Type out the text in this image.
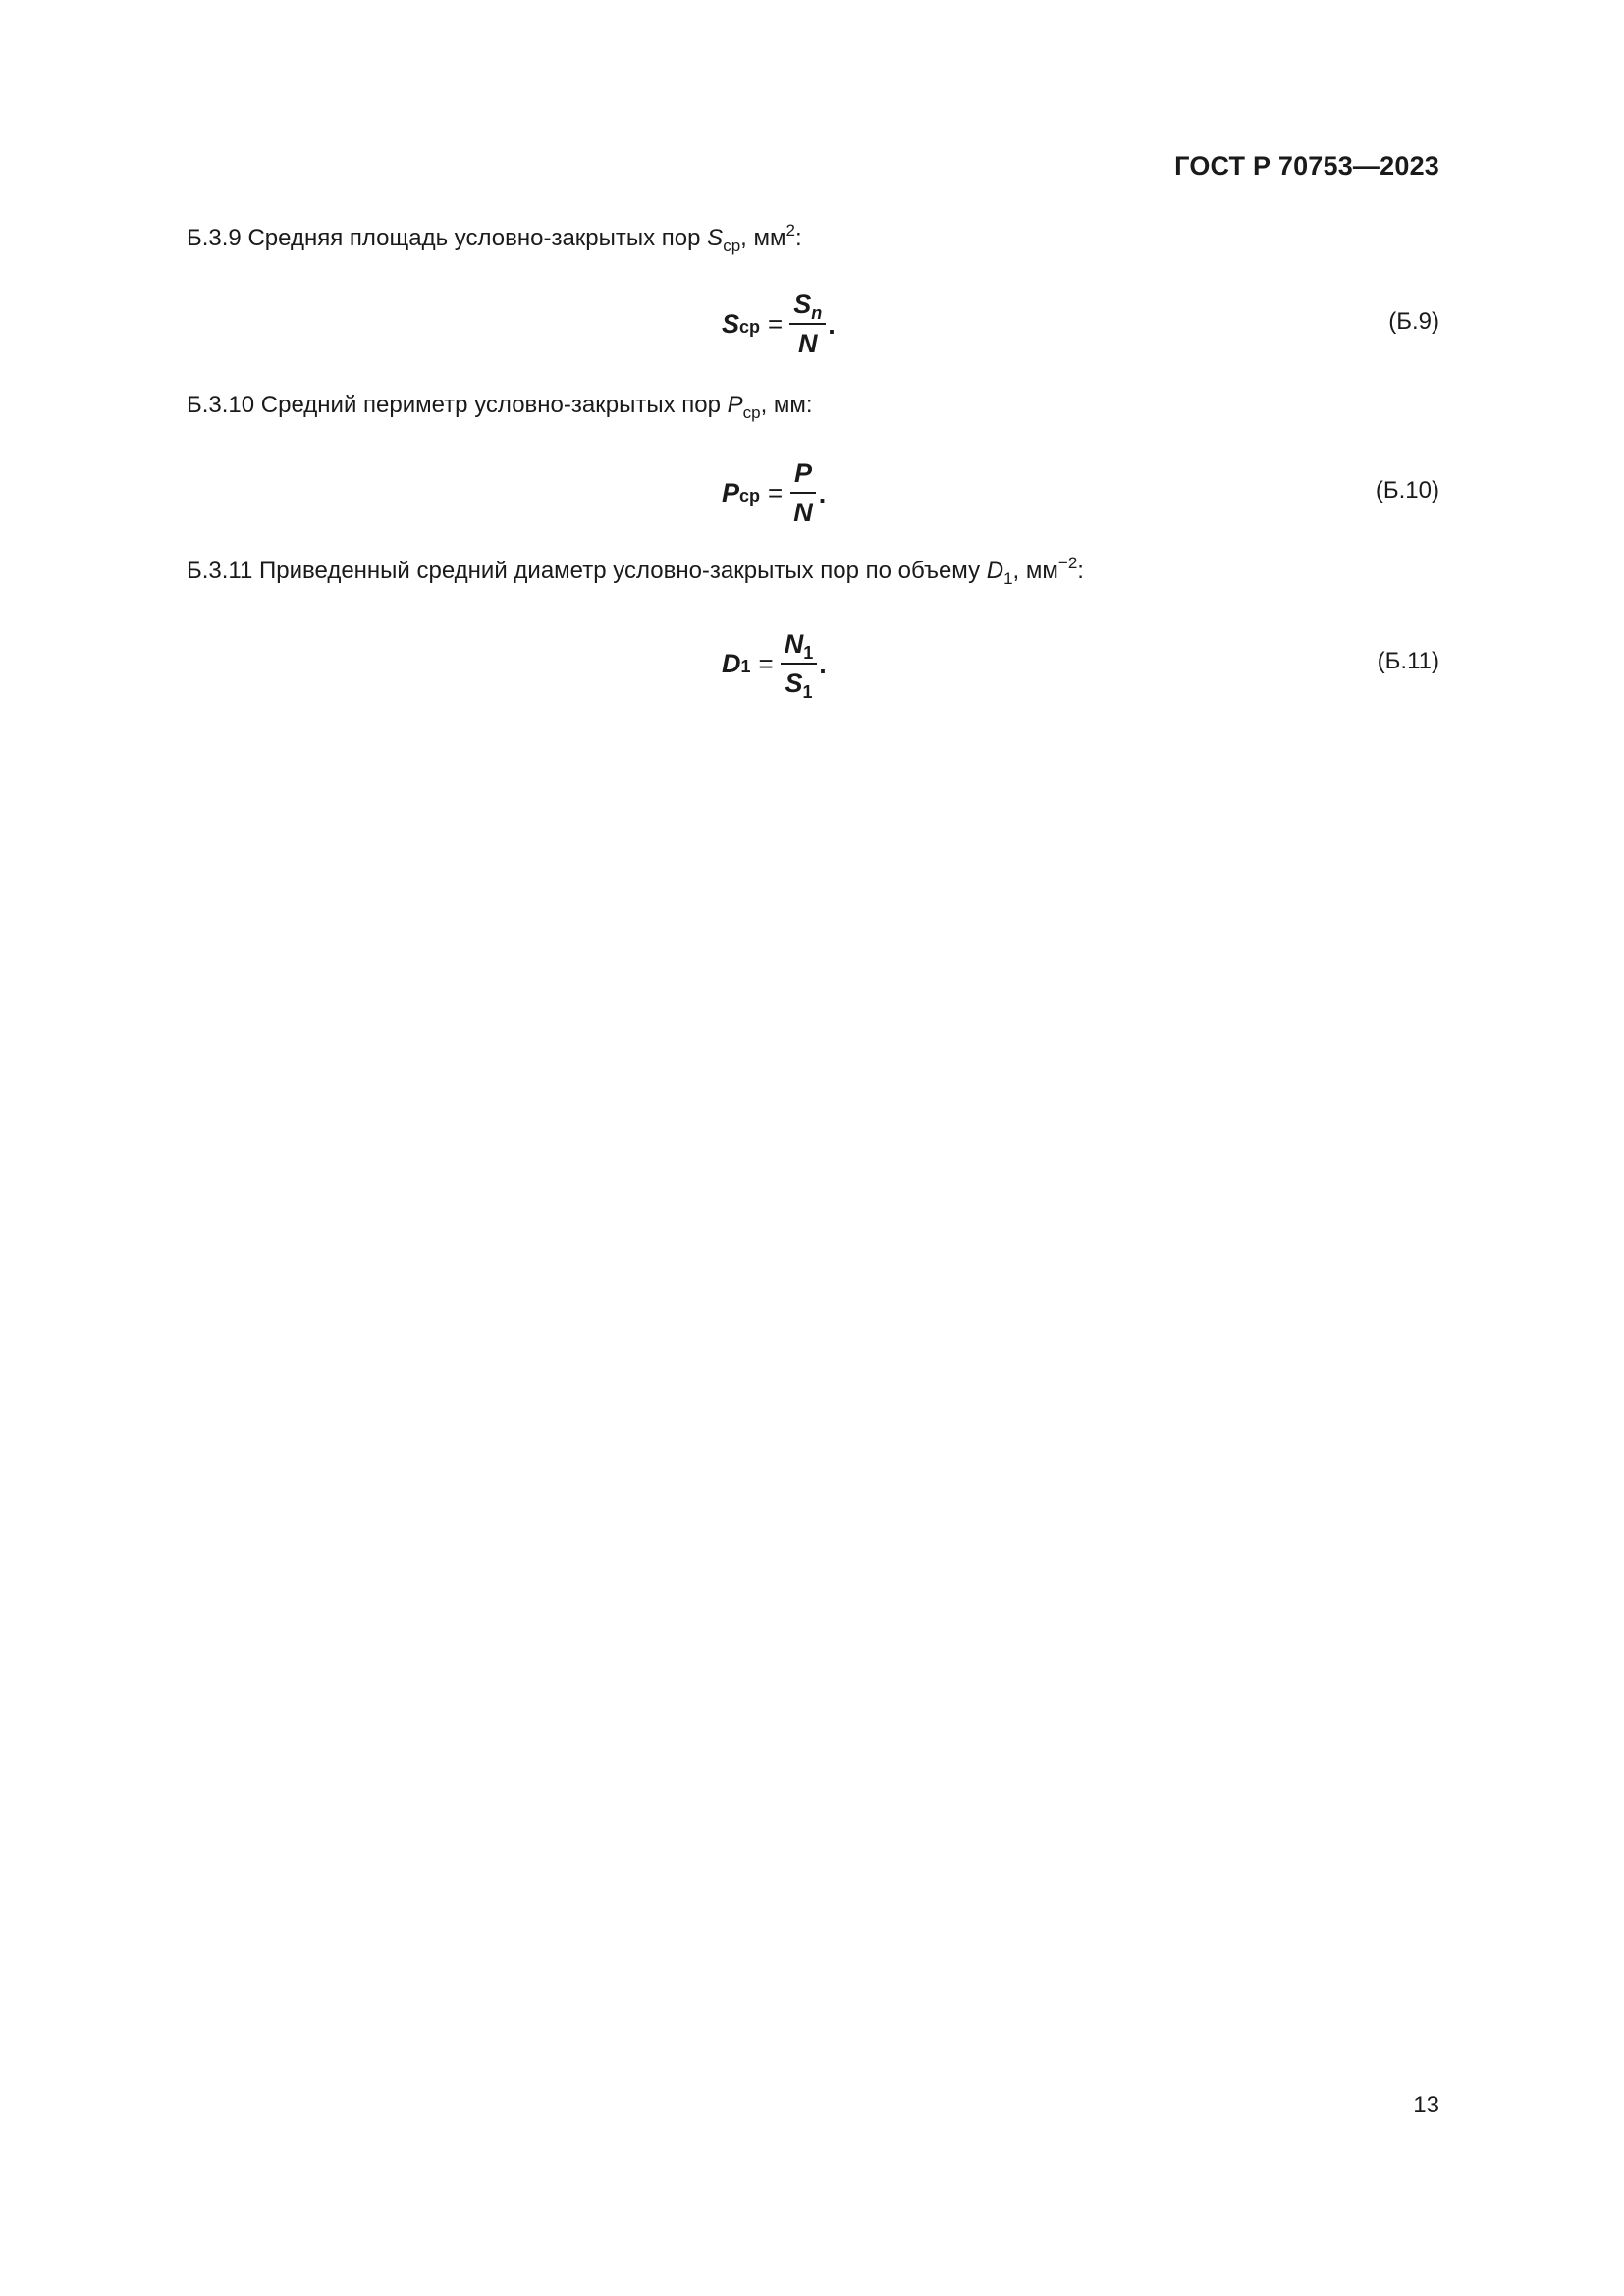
ГОСТ Р 70753—2023
Б.3.9 Средняя площадь условно-закрытых пор $S_{ср}$, $мм^2$:
S ср = $\frac{S_n}{N}$ .	(Б.9)
Б.3.10 Средний периметр условно-закрытых пор $P_{ср}$, мм:
P ср = $\frac{P}{N}$ .	(Б.10)
Б.3.11 Приведенный средний диаметр условно-закрытых пор по объему $D_1$, $мм^{-2}$:
D $1 = \frac{N_1}{S_1}$ .	(Б.11)
13
